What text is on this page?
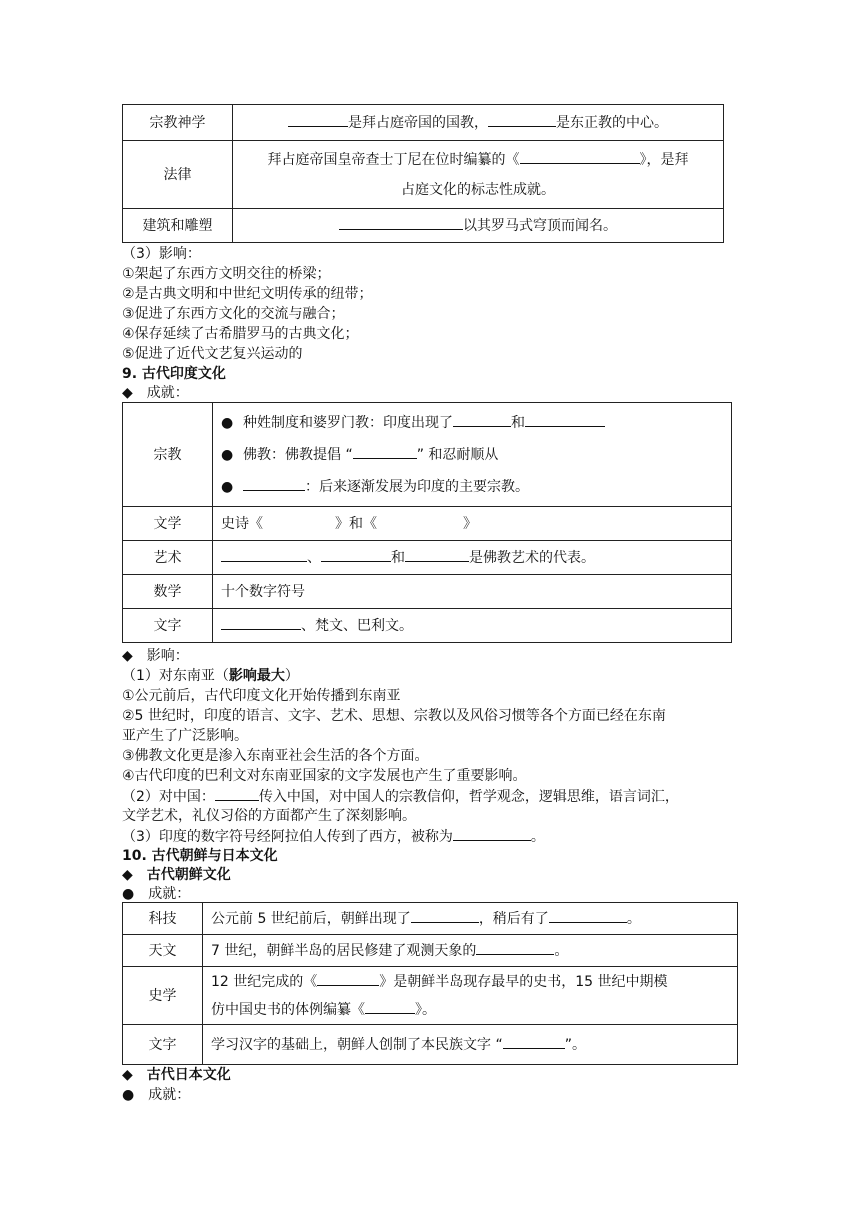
宗教神学	是拜占庭帝国的国教， 是东正教的中心。
法律	拜占庭帝国皇帝查士丁尼在位时编纂的《 》，是拜
占庭文化的标志性成就。
建筑和雕塑	以其罗马式穹顶而闻名。
（3）影响：
①架起了东西方文明交往的桥梁；
②是古典文明和中世纪文明传承的纽带；
③促进了东西方文化的交流与融合；
④保存延续了古希腊罗马的古典文化；
⑤促进了近代文艺复兴运动的
9. 古代印度文化
◆　成就：
宗教	● 种姓制度和婆罗门教：印度出现了 和
● 佛教：佛教提倡 “ ” 和忍耐顺从
● ：后来逐渐发展为印度的主要宗教。

文学	史诗《 》和《 》
艺术	、 和 是佛教艺术的代表。
数学	十个数字符号
文字	、梵文、巴利文。
◆　影响：
（1）对东南亚（影响最大）
①公元前后，古代印度文化开始传播到东南亚
②5 世纪时，印度的语言、文字、艺术、思想、宗教以及风俗习惯等各个方面已经在东南
亚产生了广泛影响。
③佛教文化更是渗入东南亚社会生活的各个方面。
④古代印度的巴利文对东南亚国家的文字发展也产生了重要影响。
（2）对中国：	传入中国，对中国人的宗教信仰，哲学观念，逻辑思维，语言词汇，
文学艺术，礼仪习俗的方面都产生了深刻影响。
（3）印度的数字符号经阿拉伯人传到了西方，被称为	。
10. 古代朝鲜与日本文化
◆　古代朝鲜文化
●　成就：
科技	公元前 5 世纪前后，朝鲜出现了 ，稍后有了 。
天文	7 世纪，朝鲜半岛的居民修建了观测天象的 。
史学	12 世纪完成的《 》是朝鲜半岛现存最早的史书，15 世纪中期模
仿中国史书的体例编纂《 》。

文字	学习汉字的基础上，朝鲜人创制了本民族文字 “ ”。
◆　古代日本文化
●　成就：
